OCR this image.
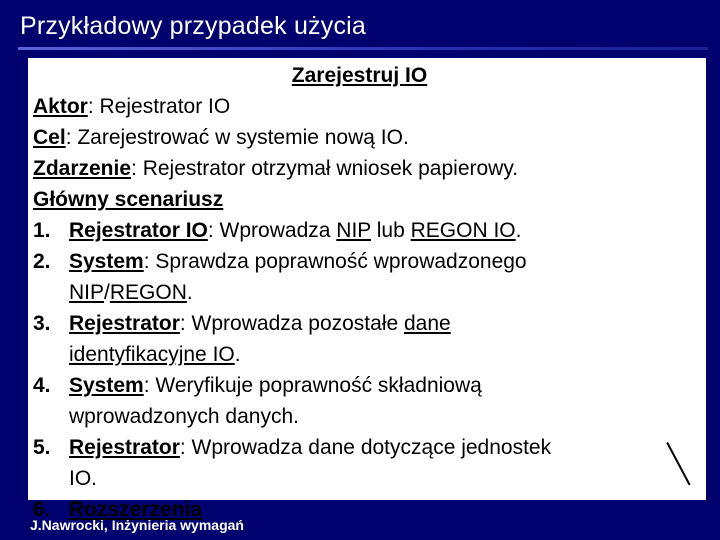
Przykładowy przypadek użycia
Zarejestruj IO
Aktor: Rejestrator IO
Cel: Zarejestrować w systemie nową IO.
Zdarzenie: Rejestrator otrzymał wniosek papierowy.
Główny scenariusz
1. Rejestrator IO: Wprowadza NIP lub REGON IO.
2. System: Sprawdza poprawność wprowadzonego
NIP/REGON.
3. Rejestrator: Wprowadza pozostałe dane
identyfikacyjne IO.
4. System: Weryfikuje poprawność składniową
wprowadzonych danych.
5. Rejestrator: Wprowadza dane dotyczące jednostek
IO.
6. Rozszerzenia
J.Nawrocki, Inżynieria wymagań
